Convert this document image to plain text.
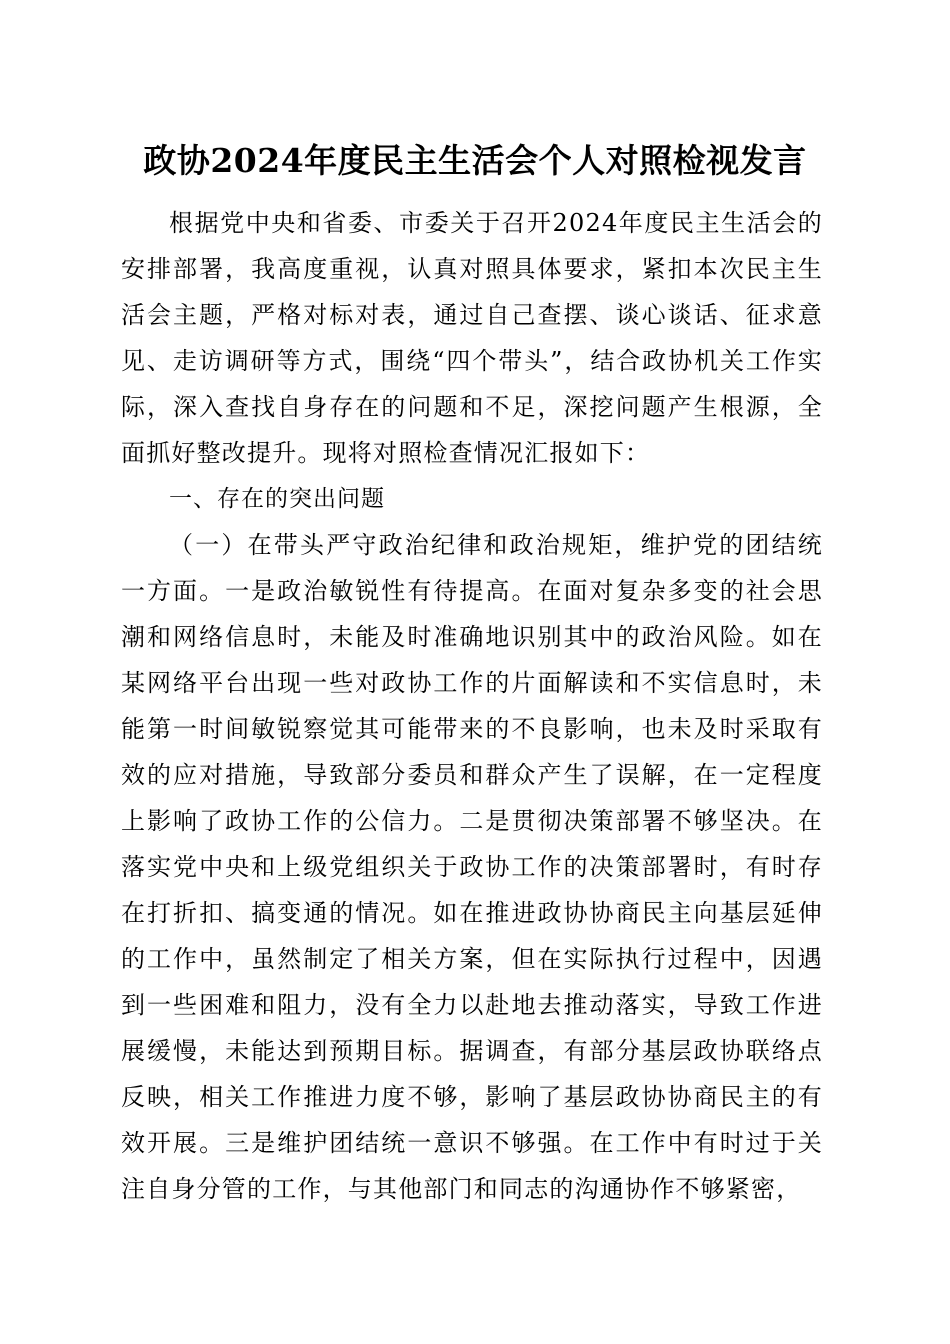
政协2024年度民主生活会个人对照检视发言

根据党中央和省委、市委关于召开2024年度民主生活会的安排部署，我高度重视，认真对照具体要求，紧扣本次民主生活会主题，严格对标对表，通过自己查摆、谈心谈话、征求意见、走访调研等方式，围绕“四个带头”，结合政协机关工作实际，深入查找自身存在的问题和不足，深挖问题产生根源，全面抓好整改提升。现将对照检查情况汇报如下：

一、存在的突出问题

（一）在带头严守政治纪律和政治规矩，维护党的团结统一方面。一是政治敏锐性有待提高。在面对复杂多变的社会思潮和网络信息时，未能及时准确地识别其中的政治风险。如在某网络平台出现一些对政协工作的片面解读和不实信息时，未能第一时间敏锐察觉其可能带来的不良影响，也未及时采取有效的应对措施，导致部分委员和群众产生了误解，在一定程度上影响了政协工作的公信力。二是贯彻决策部署不够坚决。在落实党中央和上级党组织关于政协工作的决策部署时，有时存在打折扣、搞变通的情况。如在推进政协协商民主向基层延伸的工作中，虽然制定了相关方案，但在实际执行过程中，因遇到一些困难和阻力，没有全力以赴地去推动落实，导致工作进展缓慢，未能达到预期目标。据调查，有部分基层政协联络点反映，相关工作推进力度不够，影响了基层政协协商民主的有效开展。三是维护团结统一意识不够强。在工作中有时过于关注自身分管的工作，与其他部门和同志的沟通协作不够紧密，
